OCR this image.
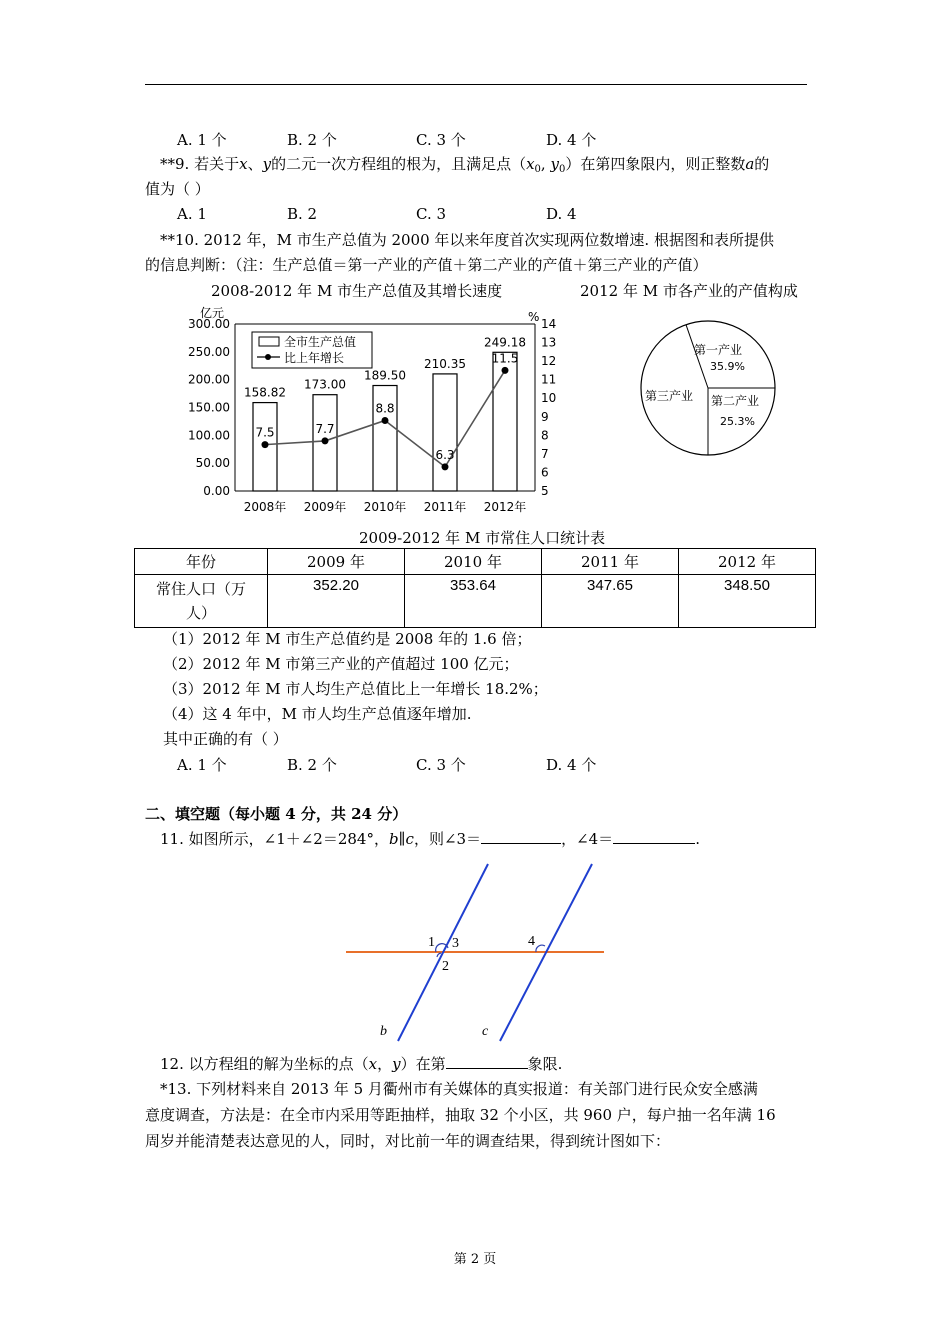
A. 1 个	B. 2 个	C. 3 个	D. 4 个
**9. 若关于x、y的二元一次方程组的根为，且满足点（$x_0$, $y_0$）在第四象限内，则正整数a的
值为（ ）
A. 1	B. 2	C. 3	D. 4
**10. 2012 年，M 市生产总值为 2000 年以来年度首次实现两位数增速. 根据图和表所提供
的信息判断：（注：生产总值＝第一产业的产值＋第二产业的产值＋第三产业的产值）
2008-2012 年 M 市生产总值及其增长速度	2012 年 M 市各产业的产值构成
亿元	%
300.00
250.00
200.00
150.00
100.00
50.00
0.00
14
13
12
11
10
9
8
7
6
5
158.82
173.00
189.50
210.35
249.18
7.5	7.7
8.8
6.3
11.5
2008年 2009年 2010年 2011年 2012年
全市生产总值
比上年增长
第一产业
35.9%
第二产业
25.3%
第三产业
2009-2012 年 M 市常住人口统计表
年份	2009 年	2010 年	2011 年	2012 年
常住人口（万
人）	352.20	353.64	347.65	348.50
（1）2012 年 M 市生产总值约是 2008 年的 1.6 倍；
（2）2012 年 M 市第三产业的产值超过 100 亿元；
（3）2012 年 M 市人均生产总值比上一年增长 18.2%；
（4）这 4 年中，M 市人均生产总值逐年增加.
其中正确的有（ ）
A. 1 个	B. 2 个	C. 3 个	D. 4 个
二、填空题（每小题 4 分，共 24 分）
11. 如图所示，∠1＋∠2＝284°，b∥c，则∠3＝	，∠4＝	.
1 3
2
4
b	c
12. 以方程组的解为坐标的点（x，y）在第	象限.
*13. 下列材料来自 2013 年 5 月衢州市有关媒体的真实报道：有关部门进行民众安全感满
意度调查，方法是：在全市内采用等距抽样，抽取 32 个小区，共 960 户，每户抽一名年满 16
周岁并能清楚表达意见的人，同时，对比前一年的调查结果，得到统计图如下：
第 2 页
